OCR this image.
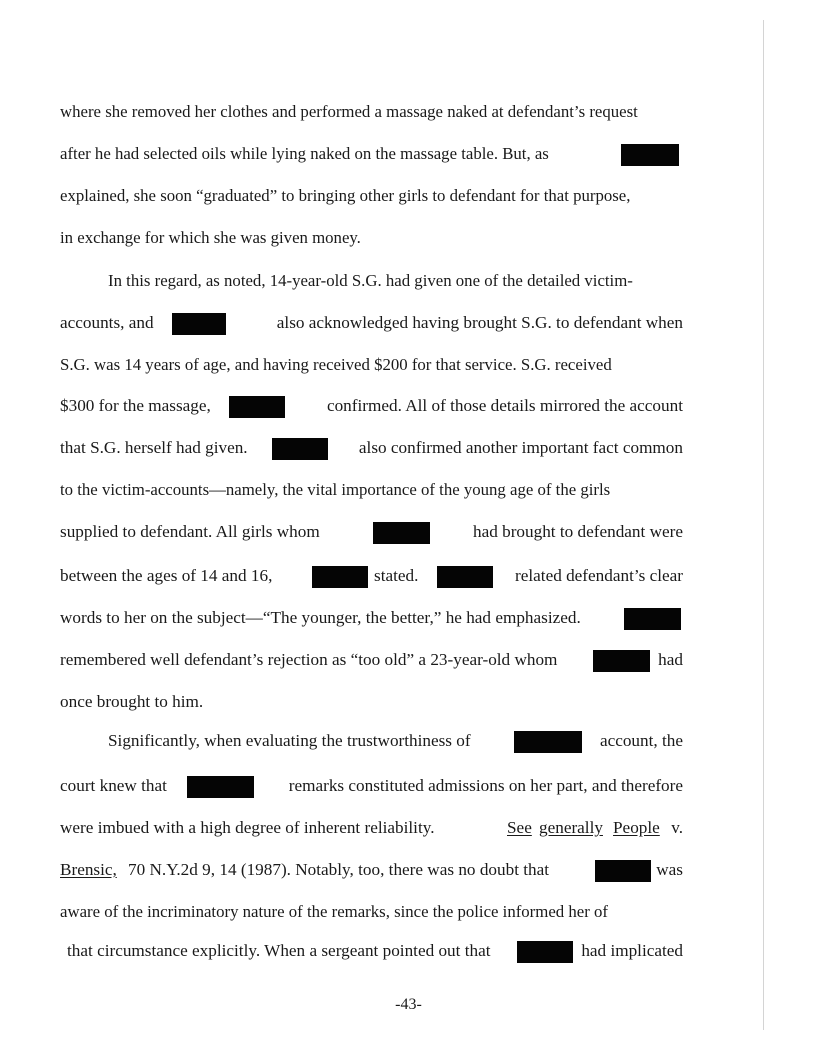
where she removed her clothes and performed a massage naked at defendant’s request
after he had selected oils while lying naked on the massage table. But, as
explained, she soon “graduated” to bringing other girls to defendant for that purpose,
in exchange for which she was given money.
In this regard, as noted, 14-year-old S.G. had given one of the detailed victim-
accounts, and	also acknowledged having brought S.G. to defendant when
S.G. was 14 years of age, and having received $200 for that service. S.G. received
$300 for the massage,	confirmed. All of those details mirrored the account
that S.G. herself had given.	also confirmed another important fact common
to the victim-accounts—namely, the vital importance of the young age of the girls
supplied to defendant. All girls whom	had brought to defendant were
between the ages of 14 and 16,	stated.	related defendant’s clear
words to her on the subject—“The younger, the better,” he had emphasized.
remembered well defendant’s rejection as “too old” a 23-year-old whom	had
once brought to him.
Significantly, when evaluating the trustworthiness of	account, the
court knew that	remarks constituted admissions on her part, and therefore
were imbued with a high degree of inherent reliability.	See generally People v.
Brensic, 70 N.Y.2d 9, 14 (1987). Notably, too, there was no doubt that	was
aware of the incriminatory nature of the remarks, since the police informed her of
that circumstance explicitly. When a sergeant pointed out that	had implicated
-43-
